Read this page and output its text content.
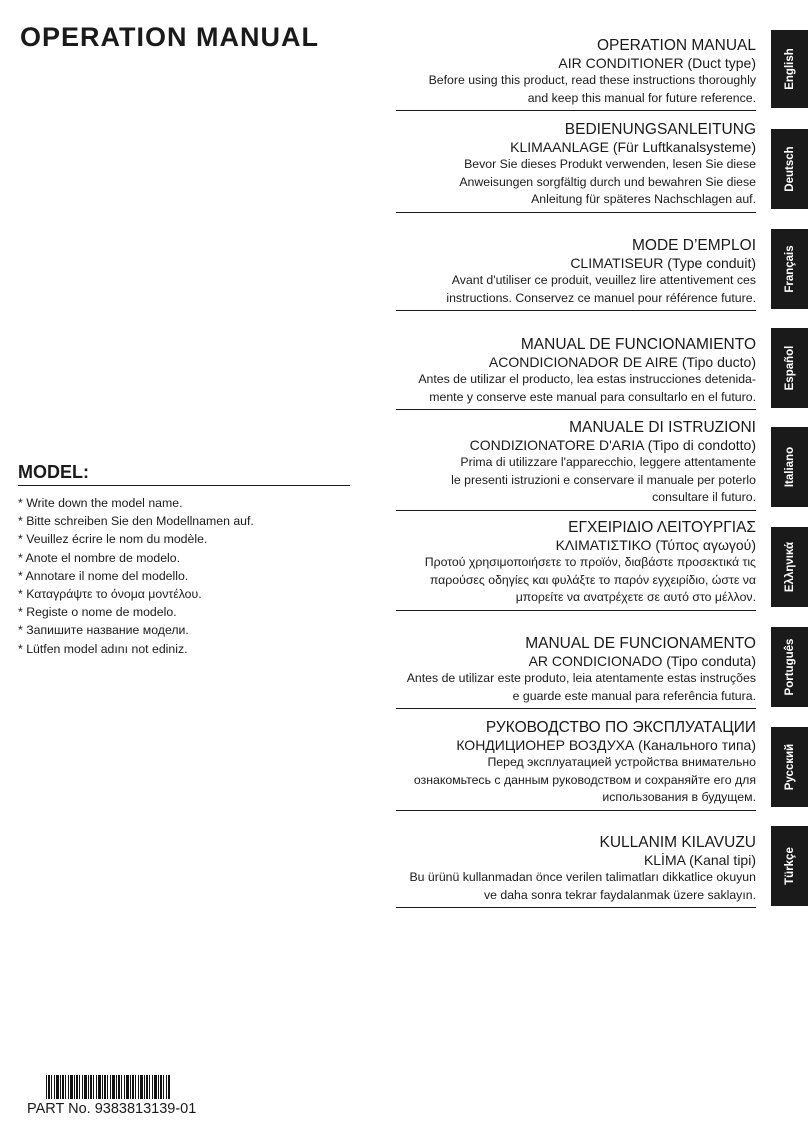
OPERATION MANUAL	OPERATION MANUAL
AIR CONDITIONER (Duct type)
Before using this product, read these instructions thoroughly
and keep this manual for future reference.
English
BEDIENUNGSANLEITUNG
KLIMAANLAGE (Für Luftkanalsysteme)
Bevor Sie dieses Produkt verwenden, lesen Sie diese
Anweisungen sorgfältig durch und bewahren Sie diese
Anleitung für späteres Nachschlagen auf.
Deutsch
MODE D’EMPLOI
CLIMATISEUR (Type conduit)
Avant d'utiliser ce produit, veuillez lire attentivement ces
instructions. Conservez ce manuel pour référence future.
Français
MANUAL DE FUNCIONAMIENTO
ACONDICIONADOR DE AIRE (Tipo ducto)
Antes de utilizar el producto, lea estas instrucciones detenida-
mente y conserve este manual para consultarlo en el futuro.
Español
MANUALE DI ISTRUZIONI
CONDIZIONATORE D'ARIA (Tipo di condotto)
Prima di utilizzare l'apparecchio, leggere attentamente
le presenti istruzioni e conservare il manuale per poterlo
consultare il futuro.
Italiano
ΕΓΧΕΙΡΙΔΙΟ ΛΕΙΤΟΥΡΓΙΑΣ
ΚΛΙΜΑΤΙΣΤΙΚΟ (Τύπος αγωγού)
Προτού χρησιμοποιήσετε το προϊόν, διαβάστε προσεκτικά τις
παρούσες οδηγίες και φυλάξτε το παρόν εγχειρίδιο, ώστε να
μπορείτε να ανατρέχετε σε αυτό στο μέλλον.
Ελληνικά
MANUAL DE FUNCIONAMENTO
AR CONDICIONADO (Tipo conduta)
Antes de utilizar este produto, leia atentamente estas instruções
e guarde este manual para referência futura.
Português
РУКОВОДСТВО ПО ЭКСПЛУАТАЦИИ
КОНДИЦИОНЕР ВОЗДУХА (Канального типа)
Перед эксплуатацией устройства внимательно
ознакомьтесь с данным руководством и сохраняйте его для
использования в будущем.
Русский
KULLANIM KILAVUZU
KLİMA (Kanal tipi)
Bu ürünü kullanmadan önce verilen talimatları dikkatlice okuyun
ve daha sonra tekrar faydalanmak üzere saklayın.
Türkçe
MODEL:
* Write down the model name.
* Bitte schreiben Sie den Modellnamen auf.
* Veuillez écrire le nom du modèle.
* Anote el nombre de modelo.
* Annotare il nome del modello.
* Καταγράψτε το όνομα μοντέλου.
* Registe o nome de modelo.
* Запишите название модели.
* Lütfen model adını not ediniz.
PART No. 9383813139-01
